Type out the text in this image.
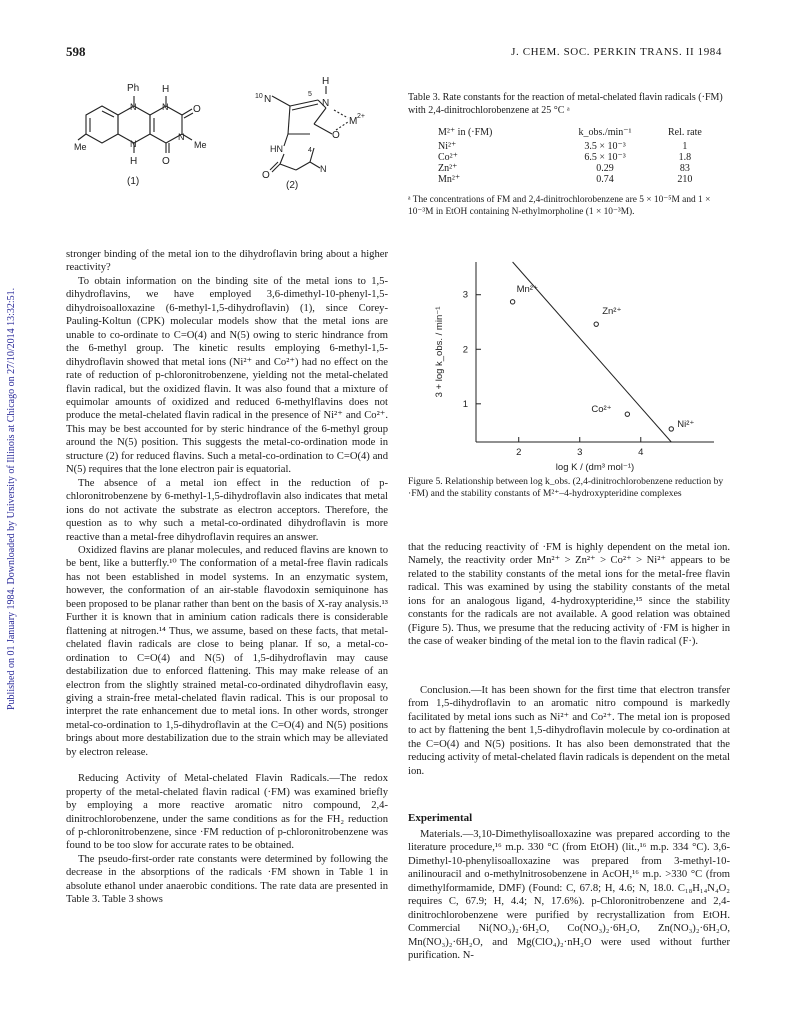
598	J. CHEM. SOC. PERKIN TRANS. II 1984
Published on 01 January 1984. Downloaded by University of Illinois at Chicago on 27/10/2014 13:32:51.
Ph H
N
N
N
N
O
O
H
Me	Me
(1)
10 N	5
N
H
M 2+
HN	4
O
O
N
(2)

stronger binding of the metal ion to the dihydroflavin bring about a higher reactivity?

To obtain information on the binding site of the metal ions to 1,5-dihydroflavins, we have employed 3,6-dimethyl-10-phenyl-1,5-dihydroisoalloxazine (6-methyl-1,5-dihydroflavin) (1), since Corey-Pauling-Koltun (CPK) molecular models show that the metal ions are unable to co-ordinate to C=O(4) and N(5) owing to steric hindrance from the 6-methyl group. The kinetic results employing 6-methyl-1,5-dihydroflavin showed that metal ions (Ni²⁺ and Co²⁺) had no effect on the rate of reduction of p-chloronitrobenzene, yielding not the metal-chelated flavin radical, but the oxidized flavin. It was also found that a mixture of equimolar amounts of oxidized and reduced 6-methylflavins does not produce the metal-chelated flavin radical in the presence of Ni²⁺ and Co²⁺. This may be best accounted for by steric hindrance of the 6-methyl group around the N(5) position. This suggests the metal-co-ordination mode in structure (2) for reduced flavins. Such a metal-co-ordination to C=O(4) and N(5) requires that the lone electron pair is equatorial.

The absence of a metal ion effect in the reduction of p-chloronitrobenzene by 6-methyl-1,5-dihydroflavin also indicates that metal ions do not activate the substrate as electron acceptors. Therefore, the question as to why such a metal-co-ordinated dihydroflavin is more reactive than a metal-free dihydroflavin requires an answer.

Oxidized flavins are planar molecules, and reduced flavins are known to be bent, like a butterfly.¹⁰ The conformation of a metal-free flavin radicals has not been established in model systems. In an enzymatic system, however, the conformation of an air-stable flavodoxin semiquinone has been proposed to be planar rather than bent on the basis of X-ray analysis.¹³ Further it is known that in aminium cation radicals there is considerable flattening at nitrogen.¹⁴ Thus, we assume, based on these facts, that metal-chelated flavin radicals are close to being planar. If so, a metal-co-ordination to C=O(4) and N(5) of 1,5-dihydroflavin may cause destabilization due to enforced flattening. This may make release of an electron from the slightly strained metal-co-ordinated dihydroflavin easy, giving a strain-free metal-chelated flavin radical. This is our proposal to interpret the rate enhancement due to metal ions. In other words, stronger metal-co-ordination to 1,5-dihydroflavin at the C=O(4) and N(5) positions brings about more destabilization due to the strain which may be alleviated by electron release.

Reducing Activity of Metal-chelated Flavin Radicals.—The redox property of the metal-chelated flavin radical (·FM) was examined briefly by employing a more reactive aromatic nitro compound, 2,4-dinitrochlorobenzene, under the same conditions as for the FH₂ reduction of p-chloronitrobenzene, since ·FM reduction of p-chloronitrobenzene was found to be too slow for accurate rates to be obtained.

The pseudo-first-order rate constants were determined by following the decrease in the absorptions of the radicals ·FM shown in Table 1 in absolute ethanol under anaerobic conditions. The rate data are presented in Table 3. Table 3 shows

Table 3. Rate constants for the reaction of metal-chelated flavin radicals (·FM) with 2,4-dinitrochlorobenzene at 25 °C ᵃ
M²⁺ in (·FM)	k_obs./min⁻¹	Rel. rate
Ni²⁺	3.5 × 10⁻³	1
Co²⁺	6.5 × 10⁻³	1.8
Zn²⁺	0.29	83
Mn²⁺	0.74	210
ᵃ The concentrations of FM and 2,4-dinitrochlorobenzene are 5 × 10⁻⁵M and 1 × 10⁻³M in EtOH containing N-ethylmorpholine (1 × 10⁻³M).
2	3	4
1
2
3
Mn²⁺
Zn²⁺
Co²⁺
Ni²⁺
log K / (dm³ mol⁻¹)
3 + log k_obs. / min⁻¹
Figure 5. Relationship between log k_obs. (2,4-dinitrochlorobenzene reduction by ·FM) and the stability constants of M²⁺–4-hydroxypteridine complexes

that the reducing reactivity of ·FM is highly dependent on the metal ion. Namely, the reactivity order Mn²⁺ > Zn²⁺ > Co²⁺ > Ni²⁺ appears to be related to the stability constants of the metal ions for the metal-free flavin radical. This was examined by using the stability constants of the metal ions for an analogous ligand, 4-hydroxypteridine,¹⁵ since the stability constants for the radicals are not available. A good relation was obtained (Figure 5). Thus, we presume that the reducing activity of ·FM is higher in the case of weaker binding of the metal ion to the flavin radical (F·).

Conclusion.—It has been shown for the first time that electron transfer from 1,5-dihydroflavin to an aromatic nitro compound is markedly facilitated by metal ions such as Ni²⁺ and Co²⁺. The metal ion is proposed to act by flattening the bent 1,5-dihydroflavin molecule by co-ordination at the C=O(4) and N(5) positions. It has also been demonstrated that the reducing activity of metal-chelated flavin radicals is dependent on the metal ion.

Experimental

Materials.—3,10-Dimethylisoalloxazine was prepared according to the literature procedure,¹⁶ m.p. 330 °C (from EtOH) (lit.,¹⁶ m.p. 334 °C). 3,6-Dimethyl-10-phenylisoalloxazine was prepared from 3-methyl-10-anilinouracil and o-methylnitrosobenzene in AcOH,¹⁶ m.p. >330 °C (from dimethylformamide, DMF) (Found: C, 67.8; H, 4.6; N, 18.0. C₁₈H₁₄N₄O₂ requires C, 67.9; H, 4.4; N, 17.6%). p-Chloronitrobenzene and 2,4-dinitrochlorobenzene were purified by recrystallization from EtOH. Commercial Ni(NO₃)₂·6H₂O, Co(NO₃)₂·6H₂O, Zn(NO₃)₂·6H₂O, Mn(NO₃)₂·6H₂O, and Mg(ClO₄)₂·nH₂O were used without further purification. N-
